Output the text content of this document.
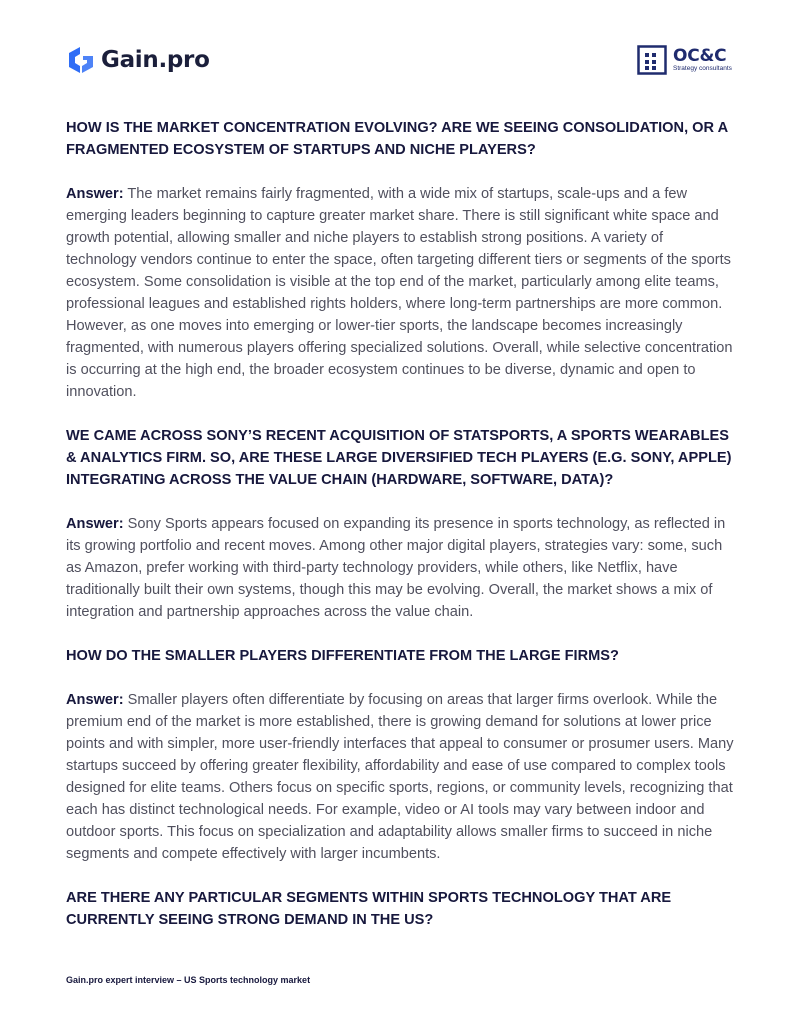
Gain.pro	OC&C
Strategy consultants

HOW IS THE MARKET CONCENTRATION EVOLVING? ARE WE SEEING CONSOLIDATION, OR A FRAGMENTED ECOSYSTEM OF STARTUPS AND NICHE PLAYERS?

Answer: The market remains fairly fragmented, with a wide mix of startups, scale-ups and a few emerging leaders beginning to capture greater market share. There is still significant white space and growth potential, allowing smaller and niche players to establish strong positions. A variety of technology vendors continue to enter the space, often targeting different tiers or segments of the sports ecosystem. Some consolidation is visible at the top end of the market, particularly among elite teams, professional leagues and established rights holders, where long-term partnerships are more common. However, as one moves into emerging or lower-tier sports, the landscape becomes increasingly fragmented, with numerous players offering specialized solutions. Overall, while selective concentration is occurring at the high end, the broader ecosystem continues to be diverse, dynamic and open to innovation.

WE CAME ACROSS SONY’S RECENT ACQUISITION OF STATSPORTS, A SPORTS WEARABLES & ANALYTICS FIRM. SO, ARE THESE LARGE DIVERSIFIED TECH PLAYERS (E.G. SONY, APPLE) INTEGRATING ACROSS THE VALUE CHAIN (HARDWARE, SOFTWARE, DATA)?

Answer: Sony Sports appears focused on expanding its presence in sports technology, as reflected in its growing portfolio and recent moves. Among other major digital players, strategies vary: some, such as Amazon, prefer working with third-party technology providers, while others, like Netflix, have traditionally built their own systems, though this may be evolving. Overall, the market shows a mix of integration and partnership approaches across the value chain.

HOW DO THE SMALLER PLAYERS DIFFERENTIATE FROM THE LARGE FIRMS?

Answer: Smaller players often differentiate by focusing on areas that larger firms overlook. While the premium end of the market is more established, there is growing demand for solutions at lower price points and with simpler, more user-friendly interfaces that appeal to consumer or prosumer users. Many startups succeed by offering greater flexibility, affordability and ease of use compared to complex tools designed for elite teams. Others focus on specific sports, regions, or community levels, recognizing that each has distinct technological needs. For example, video or AI tools may vary between indoor and outdoor sports. This focus on specialization and adaptability allows smaller firms to succeed in niche segments and compete effectively with larger incumbents.

ARE THERE ANY PARTICULAR SEGMENTS WITHIN SPORTS TECHNOLOGY THAT ARE CURRENTLY SEEING STRONG DEMAND IN THE US?

Gain.pro expert interview – US Sports technology market
